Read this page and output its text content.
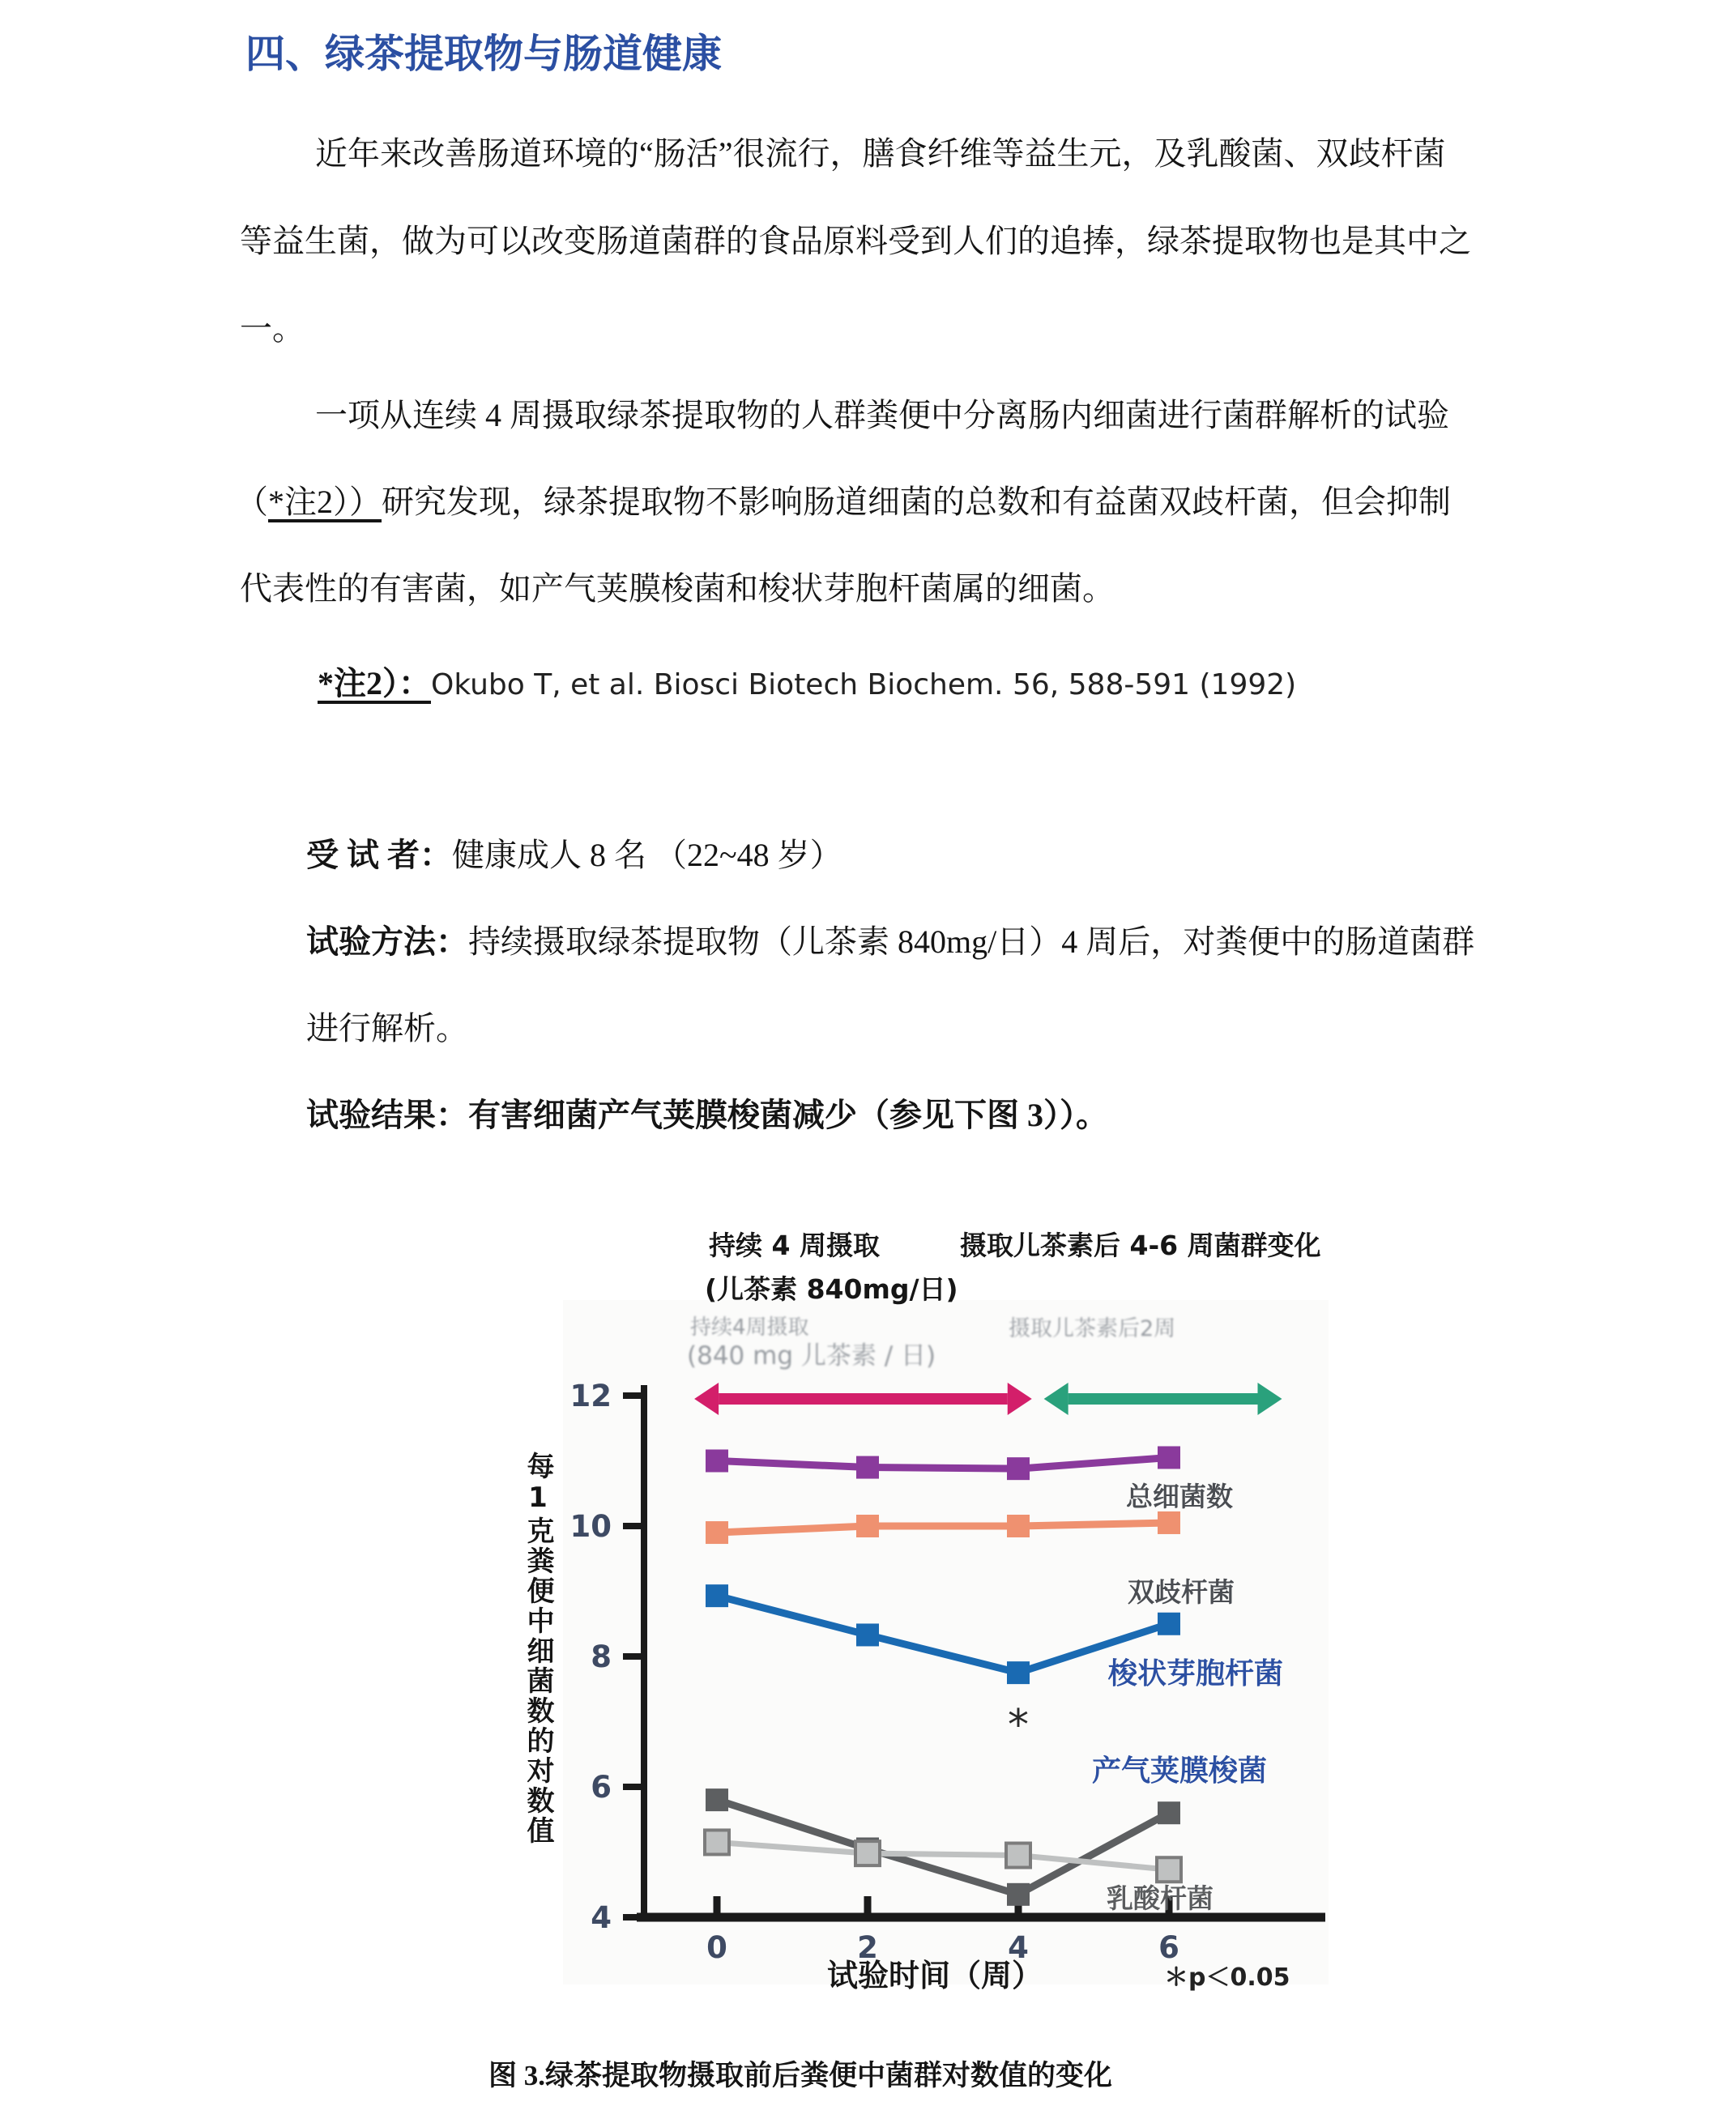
四、绿茶提取物与肠道健康
近年来改善肠道环境的“肠活”很流行，膳食纤维等益生元，及乳酸菌、双歧杆菌
等益生菌，做为可以改变肠道菌群的食品原料受到人们的追捧，绿茶提取物也是其中之
一。
一项从连续 4 周摄取绿茶提取物的人群粪便中分离肠内细菌进行菌群解析的试验
（*注2））研究发现，绿茶提取物不影响肠道细菌的总数和有益菌双歧杆菌，但会抑制
代表性的有害菌，如产气荚膜梭菌和梭状芽胞杆菌属的细菌。
*注2）：Okubo T, et al. Biosci Biotech Biochem. 56, 588-591 (1992)
受 试 者：健康成人 8 名 （22~48 岁）
试验方法：持续摄取绿茶提取物（儿茶素 840mg/日）4 周后，对粪便中的肠道菌群
进行解析。
试验结果：有害细菌产气荚膜梭菌减少（参见下图 3））。
持续 4 周摄取
(儿茶素 840mg/日)
摄取儿茶素后 4-6 周菌群变化
持续4周摄取
(840 mg 儿茶素 / 日)
摄取儿茶素后2周
每1克粪便中细菌数的对数值
4
6
8
10
12
0	2	4	6
*
总细菌数
双歧杆菌
梭状芽胞杆菌
产气荚膜梭菌
乳酸杆菌
试验时间（周）	＊p＜0.05
图 3.绿茶提取物摄取前后粪便中菌群对数值的变化
